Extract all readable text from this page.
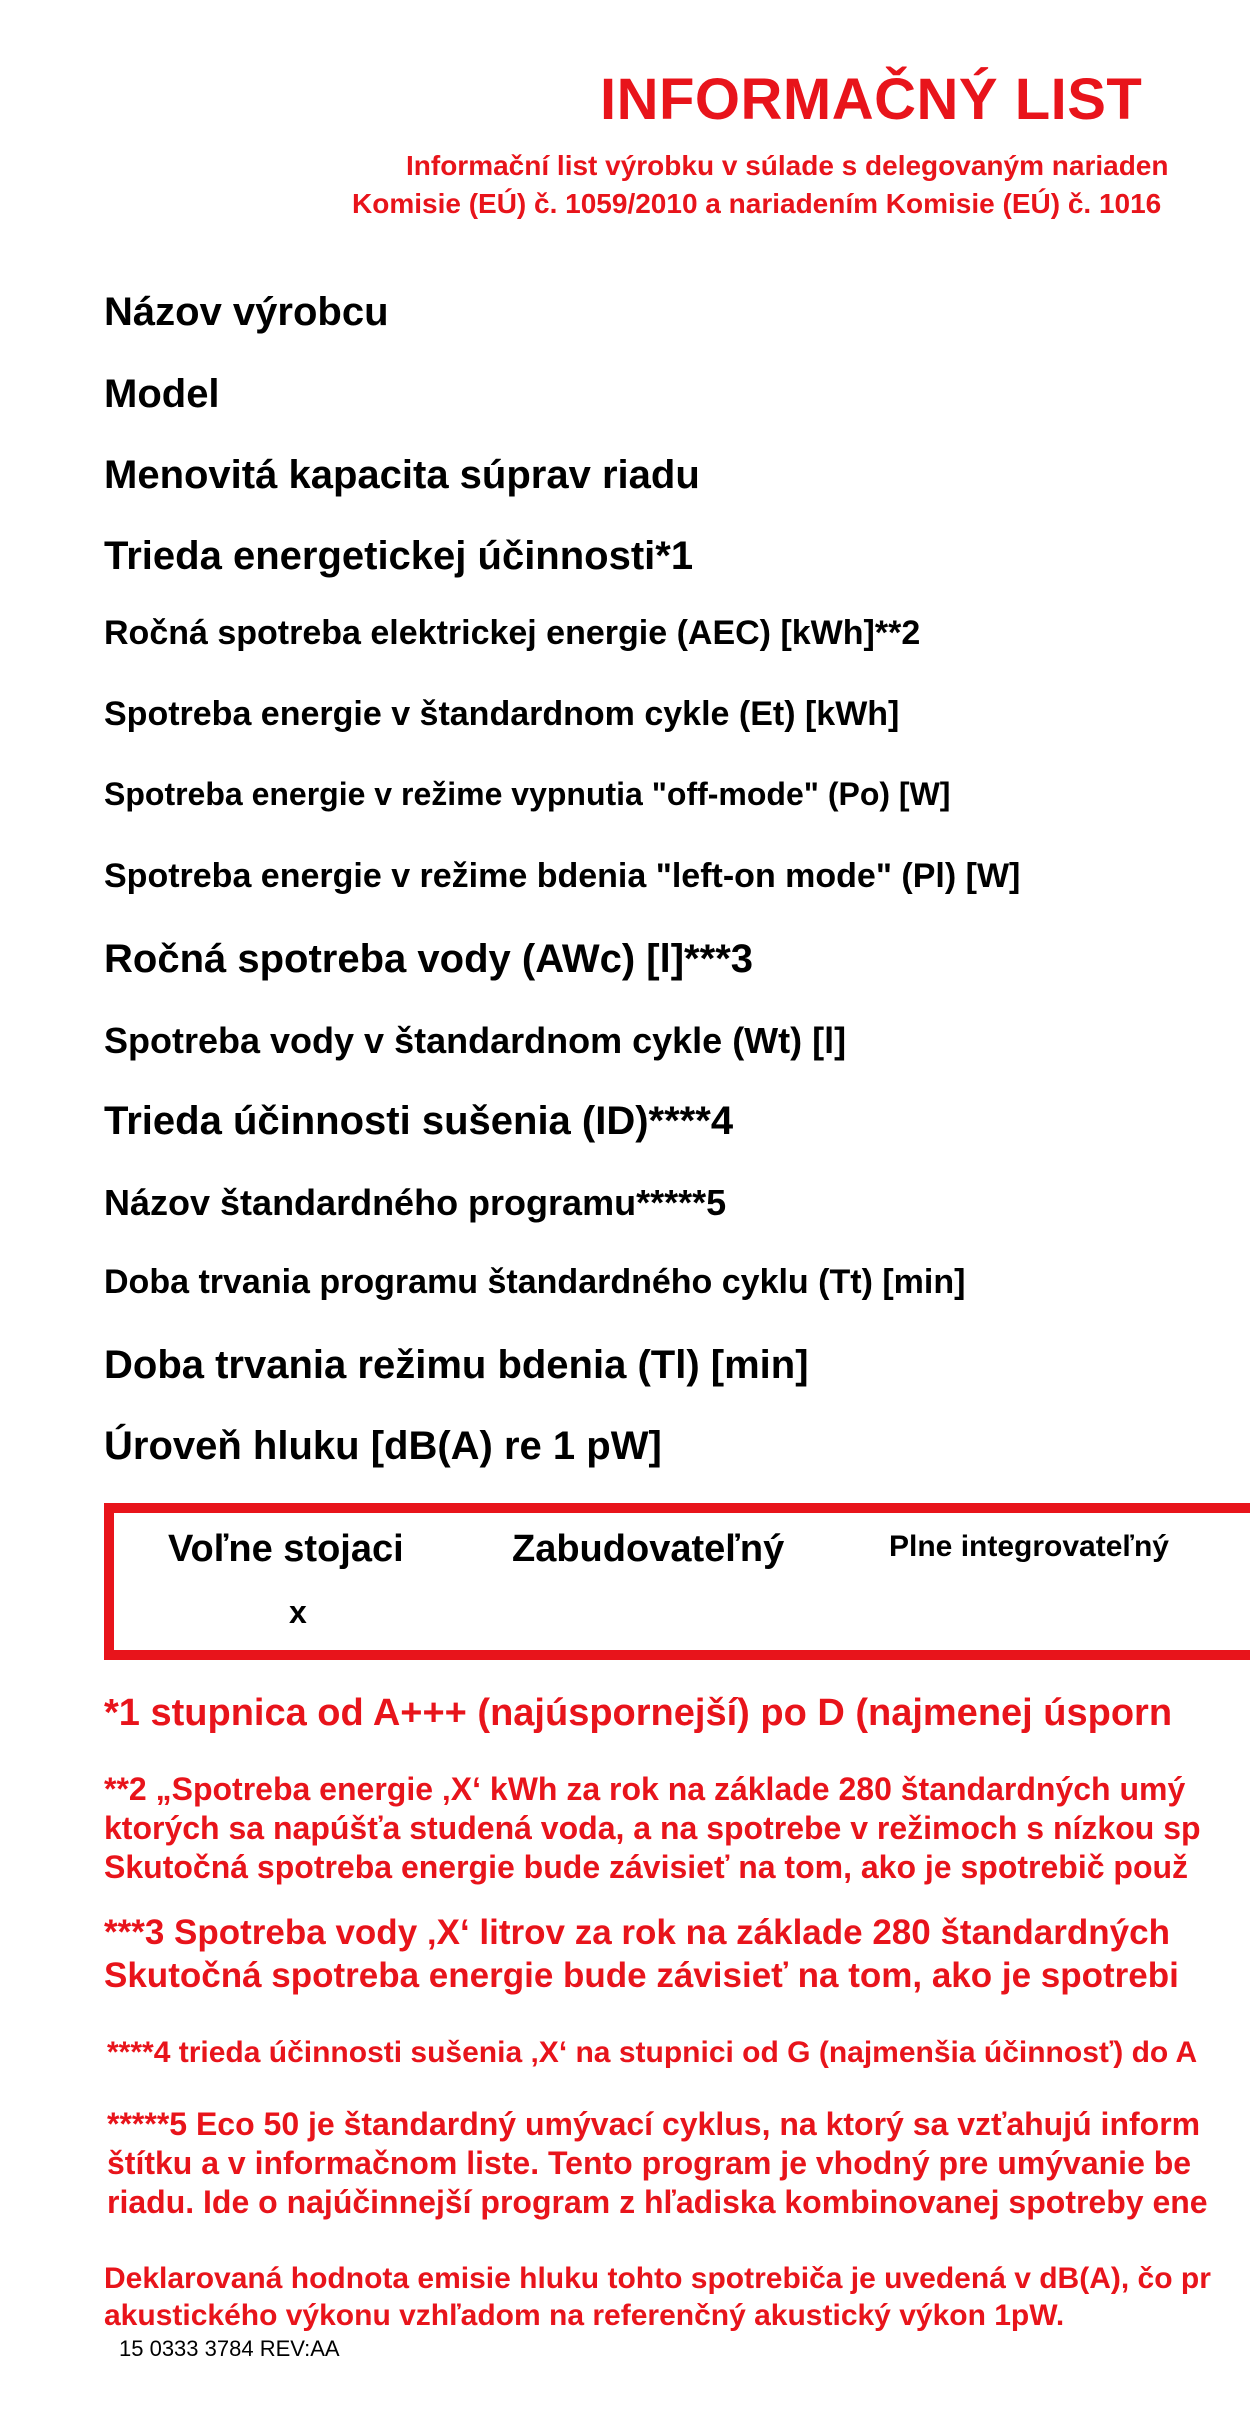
INFORMAČNÝ LIST
Informační list výrobku v súlade s delegovaným nariaden
Komisie (EÚ) č. 1059/2010 a nariadením Komisie (EÚ) č. 1016
Názov výrobcu
Model
Menovitá kapacita súprav riadu
Trieda energetickej účinnosti*1
Ročná spotreba elektrickej energie (AEC) [kWh]**2
Spotreba energie v štandardnom cykle (Et) [kWh]
Spotreba energie v režime vypnutia "off-mode" (Po) [W]
Spotreba energie v režime bdenia "left-on mode" (Pl) [W]
Ročná spotreba vody (AWc) [l]***3
Spotreba vody v štandardnom cykle (Wt) [l]
Trieda účinnosti sušenia (ID)****4
Názov štandardného programu*****5
Doba trvania programu štandardného cyklu (Tt) [min]
Doba trvania režimu bdenia (Tl) [min]
Úroveň hluku [dB(A) re 1 pW]
Voľne stojaci	Zabudovateľný	Plne integrovateľný
x
*1 stupnica od A+++ (najúspornejší) po D (najmenej úsporn
**2 „Spotreba energie ‚X‘ kWh za rok na základe 280 štandardných umý
ktorých sa napúšťa studená voda, a na spotrebe v režimoch s nízkou sp
Skutočná spotreba energie bude závisieť na tom, ako je spotrebič použ
***3 Spotreba vody ‚X‘ litrov za rok na základe 280 štandardných
Skutočná spotreba energie bude závisieť na tom, ako je spotrebi
****4 trieda účinnosti sušenia ‚X‘ na stupnici od G (najmenšia účinnosť) do A
*****5 Eco 50 je štandardný umývací cyklus, na ktorý sa vzťahujú inform
štítku a v informačnom liste. Tento program je vhodný pre umývanie be
riadu. Ide o najúčinnejší program z hľadiska kombinovanej spotreby ene
Deklarovaná hodnota emisie hluku tohto spotrebiča je uvedená v dB(A), čo pr
akustického výkonu vzhľadom na referenčný akustický výkon 1pW.
15 0333 3784 REV:AA
